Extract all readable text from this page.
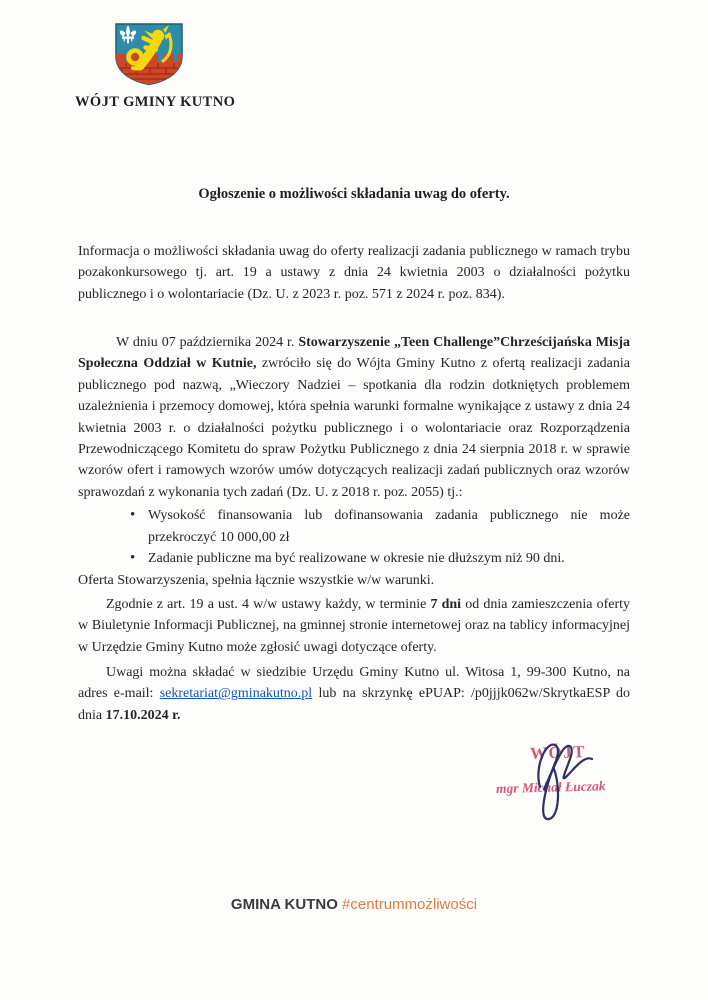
WÓJT GMINY KUTNO
Ogłoszenie o możliwości składania uwag do oferty.
Informacja o możliwości składania uwag do oferty realizacji zadania publicznego w ramach trybu pozakonkursowego tj. art. 19 a ustawy z dnia 24 kwietnia 2003 o działalności pożytku publicznego i o wolontariacie (Dz. U. z 2023 r. poz. 571 z 2024 r. poz. 834).
W dniu 07 października 2024 r. Stowarzyszenie „Teen Challenge”Chrześcijańska Misja Społeczna Oddział w Kutnie, zwróciło się do Wójta Gminy Kutno z ofertą realizacji zadania publicznego pod nazwą, „Wieczory Nadziei – spotkania dla rodzin dotkniętych problemem uzależnienia i przemocy domowej, która spełnia warunki formalne wynikające z ustawy z dnia 24 kwietnia 2003 r. o działalności pożytku publicznego i o wolontariacie oraz Rozporządzenia Przewodniczącego Komitetu do spraw Pożytku Publicznego z dnia 24 sierpnia 2018 r. w sprawie wzorów ofert i ramowych wzorów umów dotyczących realizacji zadań publicznych oraz wzorów sprawozdań z wykonania tych zadań (Dz. U. z 2018 r. poz. 2055) tj.:
• Wysokość finansowania lub dofinansowania zadania publicznego nie może przekroczyć 10 000,00 zł
• Zadanie publiczne ma być realizowane w okresie nie dłuższym niż 90 dni.
Oferta Stowarzyszenia, spełnia łącznie wszystkie w/w warunki.
Zgodnie z art. 19 a ust. 4 w/w ustawy każdy, w terminie 7 dni od dnia zamieszczenia oferty w Biuletynie Informacji Publicznej, na gminnej stronie internetowej oraz na tablicy informacyjnej w Urzędzie Gminy Kutno może zgłosić uwagi dotyczące oferty.
Uwagi można składać w siedzibie Urzędu Gminy Kutno ul. Witosa 1, 99-300 Kutno, na adres e-mail: sekretariat@gminakutno.pl lub na skrzynkę ePUAP: /p0jjjk062w/SkrytkaESP do dnia 17.10.2024 r.
WÓJT
mgr Michał Łuczak
GMINA KUTNO #centrummożliwości
